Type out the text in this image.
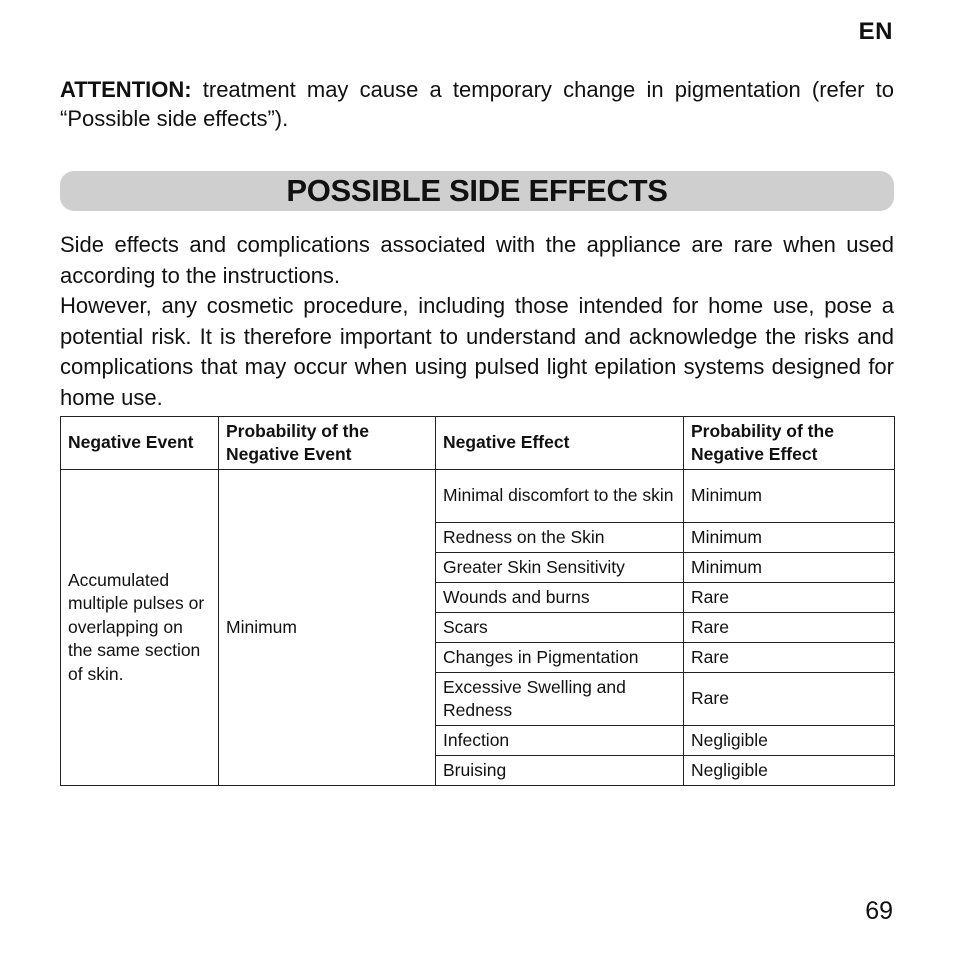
EN
ATTENTION: treatment may cause a temporary change in pigmentation (refer to “Possible side effects”).
POSSIBLE SIDE EFFECTS

Side effects and complications associated with the appliance are rare when used according to the instructions.

However, any cosmetic procedure, including those intended for home use, pose a potential risk. It is therefore important to understand and acknowledge the risks and complications that may occur when using pulsed light epilation systems designed for home use.

Negative Event	Probability of the Negative Event	Negative Effect	Probability of the Negative Effect
Accumulated multiple pulses or overlapping on the same section of skin.	Minimum	Minimal discomfort to the skin	Minimum
		Redness on the Skin	Minimum
		Greater Skin Sensitivity	Minimum
		Wounds and burns	Rare
		Scars	Rare
		Changes in Pigmentation	Rare
		Excessive Swelling and Redness	Rare
		Infection	Negligible
		Bruising	Negligible
69
